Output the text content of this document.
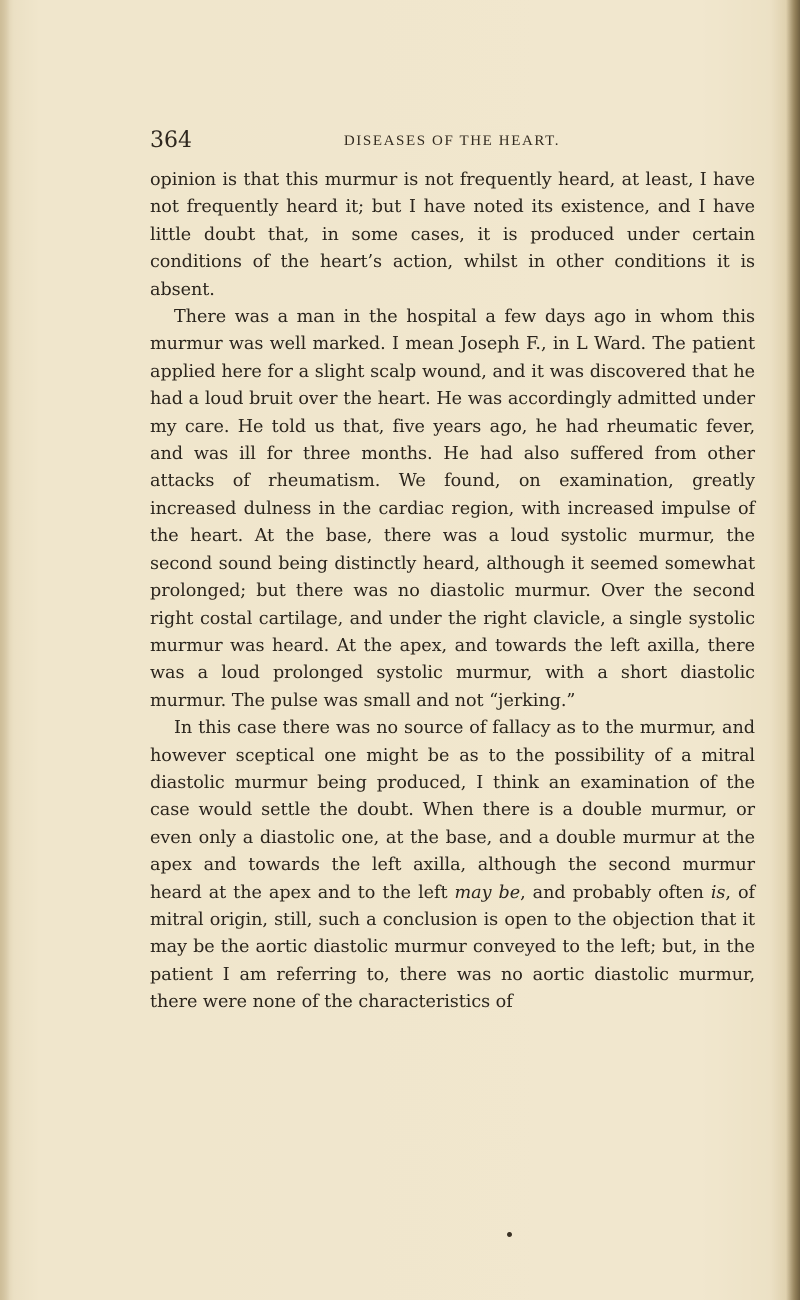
364	DISEASES OF THE HEART.

opinion is that this murmur is not frequently heard, at least, I have not frequently heard it; but I have noted its existence, and I have little doubt that, in some cases, it is produced under certain conditions of the heart’s action, whilst in other conditions it is absent.

There was a man in the hospital a few days ago in whom this murmur was well marked. I mean Joseph F., in L Ward. The patient applied here for a slight scalp wound, and it was discovered that he had a loud bruit over the heart. He was accordingly admitted under my care. He told us that, five years ago, he had rheumatic fever, and was ill for three months. He had also suffered from other attacks of rheumatism. We found, on examination, greatly increased dulness in the cardiac region, with increased impulse of the heart. At the base, there was a loud systolic murmur, the second sound being distinctly heard, although it seemed somewhat prolonged; but there was no diastolic murmur. Over the second right costal cartilage, and under the right clavicle, a single systolic murmur was heard. At the apex, and towards the left axilla, there was a loud prolonged systolic murmur, with a short diastolic murmur. The pulse was small and not “jerking.”

In this case there was no source of fallacy as to the murmur, and however sceptical one might be as to the possibility of a mitral diastolic murmur being produced, I think an examination of the case would settle the doubt. When there is a double murmur, or even only a diastolic one, at the base, and a double murmur at the apex and towards the left axilla, although the second murmur heard at the apex and to the left may be, and probably often is, of mitral origin, still, such a conclusion is open to the objection that it may be the aortic diastolic murmur conveyed to the left; but, in the patient I am referring to, there was no aortic diastolic murmur, there were none of the characteristics of
